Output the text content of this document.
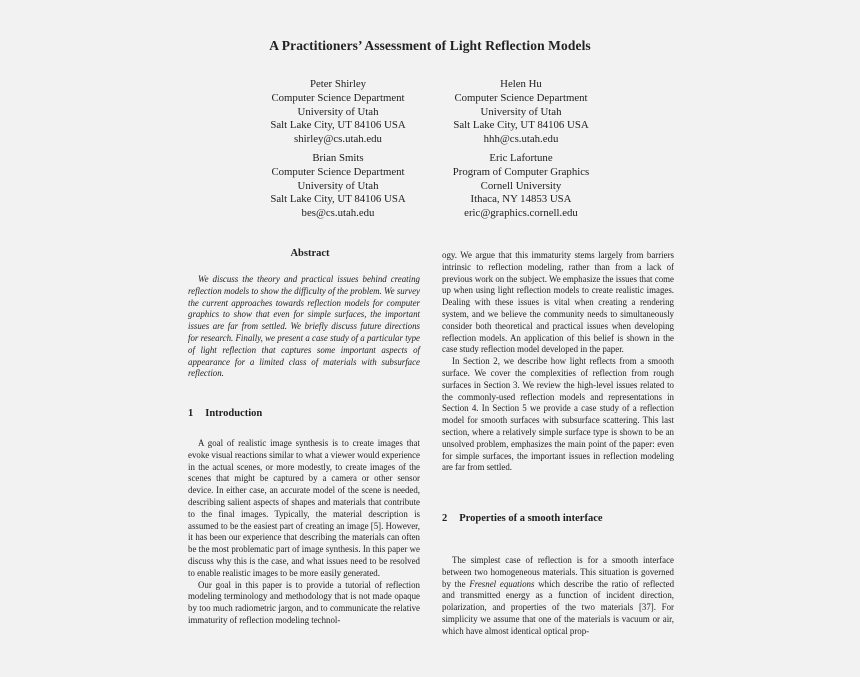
A Practitioners’ Assessment of Light Reflection Models
Peter Shirley
Computer Science Department
University of Utah
Salt Lake City, UT 84106 USA
shirley@cs.utah.edu
Helen Hu
Computer Science Department
University of Utah
Salt Lake City, UT 84106 USA
hhh@cs.utah.edu
Brian Smits
Computer Science Department
University of Utah
Salt Lake City, UT 84106 USA
bes@cs.utah.edu
Eric Lafortune
Program of Computer Graphics
Cornell University
Ithaca, NY 14853 USA
eric@graphics.cornell.edu
Abstract

We discuss the theory and practical issues behind creating reflection models to show the difficulty of the problem. We survey the current approaches towards reflection models for computer graphics to show that even for simple surfaces, the important issues are far from settled. We briefly discuss future directions for research. Finally, we present a case study of a particular type of light reflection that captures some important aspects of appearance for a limited class of materials with subsurface reflection.

1 Introduction

A goal of realistic image synthesis is to create images that evoke visual reactions similar to what a viewer would experience in the actual scenes, or more modestly, to create images of the scenes that might be captured by a camera or other sensor device. In either case, an accurate model of the scene is needed, describing salient aspects of shapes and materials that contribute to the final images. Typically, the material description is assumed to be the easiest part of creating an image [5]. However, it has been our experience that describing the materials can often be the most problematic part of image synthesis. In this paper we discuss why this is the case, and what issues need to be resolved to enable realistic images to be more easily generated.

Our goal in this paper is to provide a tutorial of reflection modeling terminology and methodology that is not made opaque by too much radiometric jargon, and to communicate the relative immaturity of reflection modeling technol-

ogy. We argue that this immaturity stems largely from barriers intrinsic to reflection modeling, rather than from a lack of previous work on the subject. We emphasize the issues that come up when using light reflection models to create realistic images. Dealing with these issues is vital when creating a rendering system, and we believe the community needs to simultaneously consider both theoretical and practical issues when developing reflection models. An application of this belief is shown in the case study reflection model developed in the paper.

In Section 2, we describe how light reflects from a smooth surface. We cover the complexities of reflection from rough surfaces in Section 3. We review the high-level issues related to the commonly-used reflection models and representations in Section 4. In Section 5 we provide a case study of a reflection model for smooth surfaces with subsurface scattering. This last section, where a relatively simple surface type is shown to be an unsolved problem, emphasizes the main point of the paper: even for simple surfaces, the important issues in reflection modeling are far from settled.

2 Properties of a smooth interface

The simplest case of reflection is for a smooth interface between two homogeneous materials. This situation is governed by the Fresnel equations which describe the ratio of reflected and transmitted energy as a function of incident direction, polarization, and properties of the two materials [37]. For simplicity we assume that one of the materials is vacuum or air, which have almost identical optical prop-
